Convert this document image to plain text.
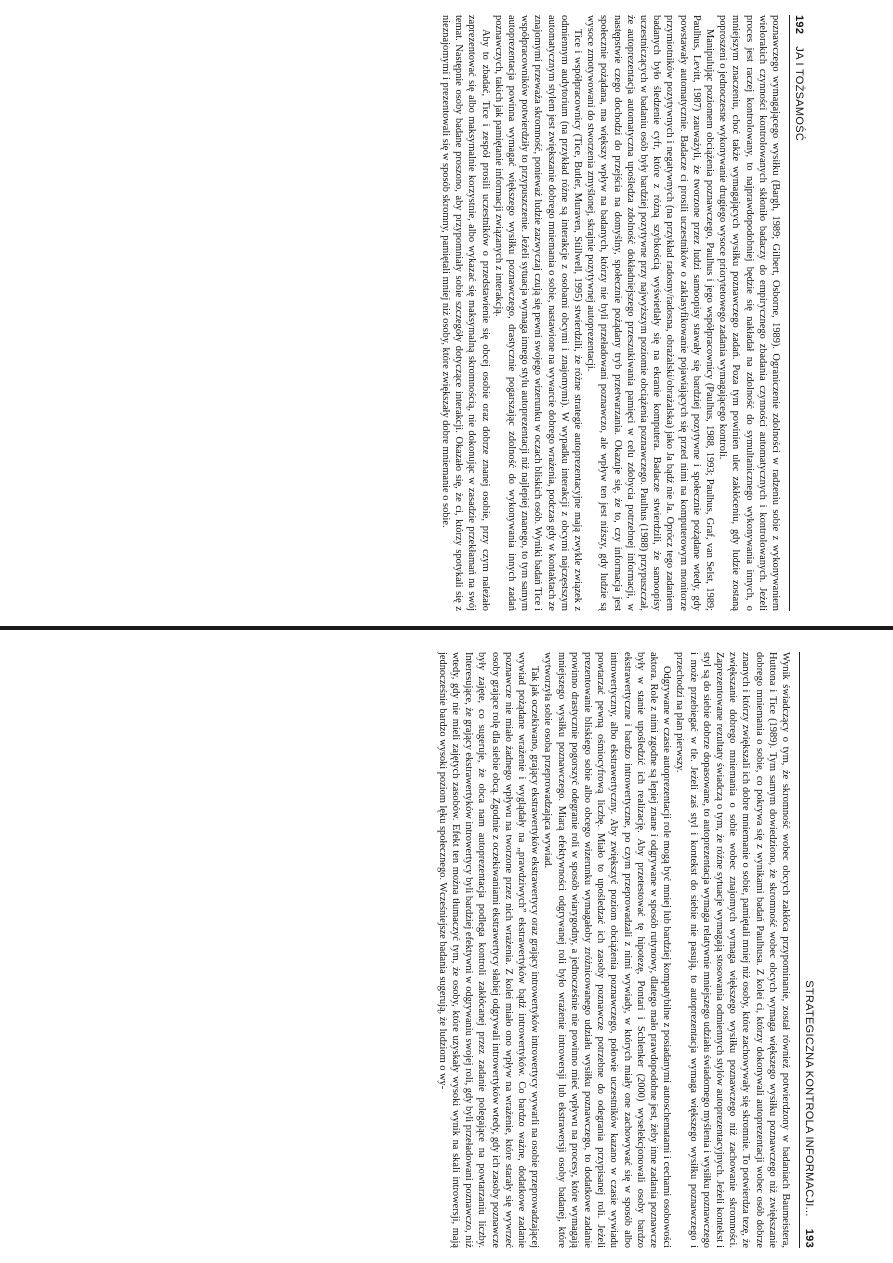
192
JA I TOŻSAMOŚĆ

poznawczego wymagającego wysiłku (Bargh, 1989; Gilbert, Osborne, 1989). Ograniczenie zdolności w radzeniu sobie z wykonywaniem wielorakich czynności kontrolowanych skłoniło badaczy do empirycznego zbadania czynności automatycznych i kontrolowanych. Jeżeli proces jest raczej kontrolowany, to najprawdopodobniej będzie się nakładał na zdolność do symultanicznego wykonywania innych, o mniejszym znaczeniu, choć także wymagających wysiłku poznawczego zadań. Poza tym powinien ulec zakłóceniu, gdy ludzie zostaną poproszeni o jednoczesne wykonywanie drugiego wysoce priorytetowego zadania wymagającego kontroli.

Manipulując poziomem obciążenia poznawczego, Paulhus i jego współpracownicy (Paulhus, 1988, 1993; Paulhus, Graf, van Selst, 1989; Paulhus, Levitt, 1987) zauważyli, że tworzone przez ludzi samoopisy stawały się bardziej pozytywne i społecznie pożądane wtedy, gdy powstawały automatycznie. Badacze ci prosili uczestników o zaklasyfikowanie pojawiających się przed nimi na komputerowym monitorze przymiotników pozytywnych i negatywnych (na przykład radosny/radosna, obrażalski/obrażalska) jako Ja bądź nie Ja. Oprócz tego zadaniem badanych było śledzenie cyfr, które z różną szybkością wyświetlały się na ekranie komputera. Badacze stwierdzili, że samoopisy uczestniczących w badaniu osób były bardziej pozytywne przy najwyższym poziomie obciążenia poznawczego. Paulhus (1988) przypuszczał, że autoprezentacja automatyczna upośledza zdolność dokładniejszego przeszukiwania pamięci w celu zdobycia potrzebnej informacji, w następstwie czego dochodzi do przejścia na domyślny, społecznie pożądany tryb przetwarzania. Okazuje się, że to, czy informacja jest społecznie pożądana, ma większy wpływ na badanych, którzy nie byli przeładowani poznawczo, ale wpływ ten jest niższy, gdy ludzie są wysoce zmotywowani do stworzenia zmyślonej, skrajnie pozytywnej autoprezentacji.

Tice i współpracownicy (Tice, Butler, Muraven, Stillwell, 1995) stwierdzili, że różne strategie autoprezentacyjne mają zwykle związek z odmiennym audytorium (na przykład różne są interakcje z osobami obcymi i znajomymi). W wypadku interakcji z obcymi najczęstszym automatycznym stylem jest zwiększanie dobrego mniemania o sobie, nastawione na wywarcie dobrego wrażenia, podczas gdy w kontaktach ze znajomymi przeważa skromność, ponieważ ludzie zazwyczaj czują się pewni swojego wizerunku w oczach bliskich osób. Wyniki badań Tice i współpracowników potwierdziły to przypuszczenie. Jeżeli sytuacja wymaga innego stylu autoprezentacji niż najlepiej znanego, to tym samym autoprezentacja powinna wymagać większego wysiłku poznawczego, drastycznie pogarszając zdolność do wykonywania innych zadań poznawczych, takich jak pamiętanie informacji związanych z interakcją.

Aby to zbadać, Tice i zespół prosili uczestników o przedstawienie się obcej osobie oraz dobrze znanej osobie, przy czym należało zaprezentować się albo maksymalnie korzystnie, albo wykazać się maksymalną skromnością, nie dokonując w zasadzie przekłamań na swój temat. Następnie osoby badane proszono, aby przypomniały sobie szczegóły dotyczące interakcji. Okazało się, że ci, którzy spotykali się z nieznajomymi i prezentowali się w sposób skromny, pamiętali mniej niż osoby, które zwiększały dobre mniemanie o sobie.

STRATEGICZNA KONTROLA INFORMACJI...
193

Wynik świadczący o tym, że skromność wobec obcych zakłóca przypominanie, został również potwierdzony w badaniach Baumeistera, Huttona i Tice (1989). Tym samym dowiedziono, że skromność wobec obcych wymaga większego wysiłku poznawczego niż zwiększanie dobrego mniemania o sobie, co pokrywa się z wynikami badań Paulhusa. Z kolei ci, którzy dokonywali autoprezentacji wobec osób dobrze znanych i którzy zwiększali ich dobre mniemanie o sobie, pamiętali mniej niż osoby, które zachowywały się skromnie. To potwierdza tezę, że zwiększanie dobrego mniemania o sobie wobec znajomych wymaga większego wysiłku poznawczego niż zachowanie skromności. Zaprezentowane rezultaty świadczą o tym, że różne sytuacje wymagają stosowania odmiennych stylów autoprezentacyjnych. Jeżeli kontekst i styl są do siebie dobrze dopasowane, to autoprezentacja wymaga relatywnie mniejszego udziału świadomego myślenia i wysiłku poznawczego i może przebiegać w tle. Jeżeli zaś styl i kontekst do siebie nie pasują, to autoprezentacja wymaga większego wysiłku poznawczego i przechodzi na plan pierwszy.

Odgrywane w czasie autoprezentacji role mogą być mniej lub bardziej kompatybilne z posiadanymi autoschematami i cechami osobowości aktora. Role z nimi zgodne są lepiej znane i odgrywane w sposób rutynowy, dlatego mało prawdopodobne jest, żeby inne zadania poznawcze były w stanie upośledzić ich realizację. Aby przetestować tę hipotezę, Pontari i Schlenker (2000) wyselekcjonowali osoby bardzo ekstrawertyczne i bardzo introwertyczne, po czym przeprowadzali z nimi wywiady, w których miały one zachowywać się w sposób albo introwertyczny, albo ekstrawertyczny. Aby zwiększyć poziom obciążenia poznawczego, połowie uczestników kazano w czasie wywiadu powtarzać pewną ośmiocyfrową liczbę. Miało to upośledzać ich zasoby poznawcze potrzebne do odegrania przypisanej roli. Jeżeli prezentowanie bliskiego sobie albo obcego wizerunku wymagałoby zróżnicowanego udziału wysiłku poznawczego, to dodatkowe zadanie powinno drastycznie pogorszyć odegranie roli w sposób wiarygodny, a jednocześnie nie powinno mieć wpływu na procesy, które wymagają mniejszego wysiłku poznawczego. Miarą efektywności odgrywanej roli było wrażenie introwersji lub ekstrawersji osoby badanej, które wytworzyła sobie osoba przeprowadzająca wywiad.

Tak jak oczekiwano, grający ekstrawertyków ekstrawertycy oraz grający introwertyków introwertycy wywarli na osobie przeprowadzającej wywiad pożądane wrażenie i wyglądały na „prawdziwych” ekstrawertyków bądź introwertyków. Co bardzo ważne, dodatkowe zadanie poznawcze nie miało żadnego wpływu na tworzone przez nich wrażenia. Z kolei miało ono wpływ na wrażenie, które starały się wywrzeć osoby grające rolę dla siebie obcą. Zgodnie z oczekiwaniami ekstrawertycy słabiej odgrywali introwertyków wtedy, gdy ich zasoby poznawcze były zajęte, co sugeruje, że obca nam autoprezentacja podlega kontroli zakłócanej przez zadanie polegające na powtarzaniu liczby. Interesujące, że grający ekstrawertyków introwertycy byli bardziej efektywni w odgrywaniu swojej roli, gdy byli przeładowani poznawczo, niż wtedy, gdy nie mieli zajętych zasobów. Efekt ten można tłumaczyć tym, że osoby, które uzyskały wysoki wynik na skali introwersji, mają jednocześnie bardzo wysoki poziom lęku społecznego. Wcześniejsze badania sugerują, że ludziom o wy-
